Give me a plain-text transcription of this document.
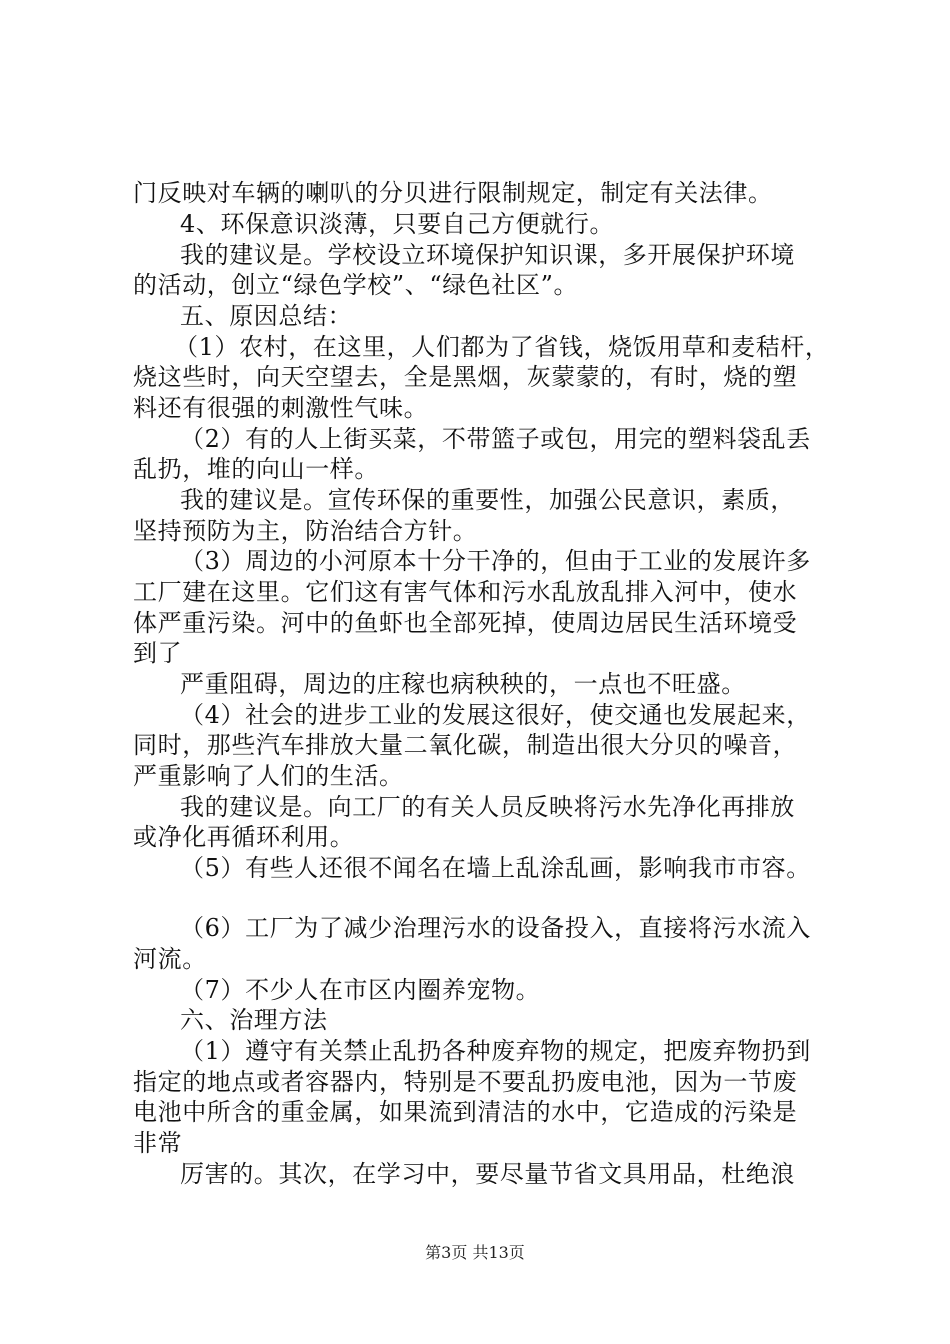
门反映对车辆的喇叭的分贝进行限制规定，制定有关法律。
4、环保意识淡薄，只要自己方便就行。
我的建议是。学校设立环境保护知识课，多开展保护环境
的活动，创立“绿色学校”、“绿色社区”。
五、原因总结：
（1）农村，在这里，人们都为了省钱，烧饭用草和麦秸杆，
烧这些时，向天空望去，全是黑烟，灰蒙蒙的，有时，烧的塑
料还有很强的刺激性气味。
（2）有的人上街买菜，不带篮子或包，用完的塑料袋乱丢
乱扔，堆的向山一样。
我的建议是。宣传环保的重要性，加强公民意识，素质，
坚持预防为主，防治结合方针。
（3）周边的小河原本十分干净的，但由于工业的发展许多
工厂建在这里。它们这有害气体和污水乱放乱排入河中，使水
体严重污染。河中的鱼虾也全部死掉，使周边居民生活环境受
到了
严重阻碍，周边的庄稼也病秧秧的，一点也不旺盛。
（4）社会的进步工业的发展这很好，使交通也发展起来，
同时，那些汽车排放大量二氧化碳，制造出很大分贝的噪音，
严重影响了人们的生活。
我的建议是。向工厂的有关人员反映将污水先净化再排放
或净化再循环利用。
（5）有些人还很不闻名在墙上乱涂乱画，影响我市市容。
（6）工厂为了减少治理污水的设备投入，直接将污水流入
河流。
（7）不少人在市区内圈养宠物。
六、治理方法
（1）遵守有关禁止乱扔各种废弃物的规定，把废弃物扔到
指定的地点或者容器内，特别是不要乱扔废电池，因为一节废
电池中所含的重金属，如果流到清洁的水中，它造成的污染是
非常
厉害的。其次，在学习中，要尽量节省文具用品，杜绝浪
第3页 共13页
